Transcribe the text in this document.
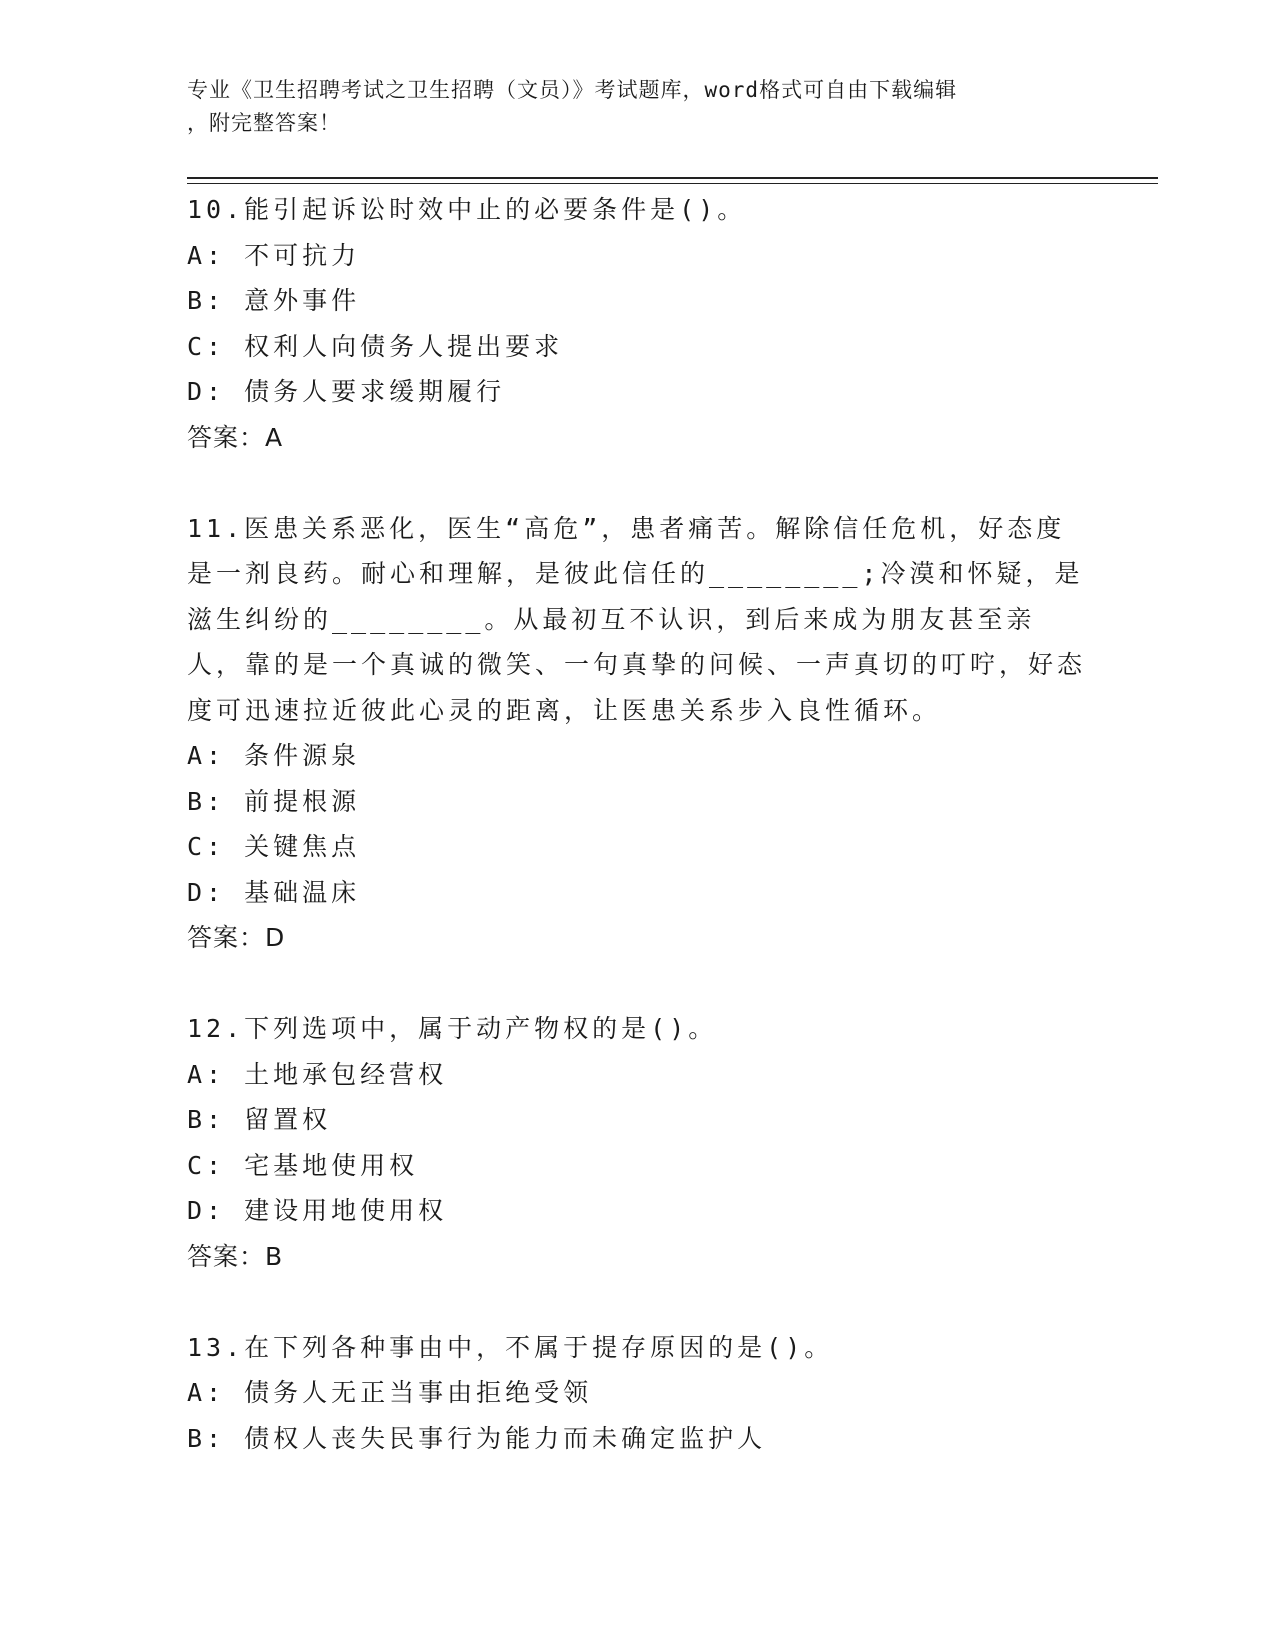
专业《卫生招聘考试之卫生招聘（文员）》考试题库，word格式可自由下载编辑
，附完整答案！

10.能引起诉讼时效中止的必要条件是()。

A: 不可抗力

B: 意外事件

C: 权利人向债务人提出要求

D: 债务人要求缓期履行

答案：A

11.医患关系恶化，医生“高危”，患者痛苦。解除信任危机，好态度是一剂良药。耐心和理解，是彼此信任的________;冷漠和怀疑，是滋生纠纷的________。从最初互不认识，到后来成为朋友甚至亲人，靠的是一个真诚的微笑、一句真挚的问候、一声真切的叮咛，好态度可迅速拉近彼此心灵的距离，让医患关系步入良性循环。

A: 条件源泉

B: 前提根源

C: 关键焦点

D: 基础温床

答案：D

12.下列选项中，属于动产物权的是()。

A: 土地承包经营权

B: 留置权

C: 宅基地使用权

D: 建设用地使用权

答案：B

13.在下列各种事由中，不属于提存原因的是()。

A: 债务人无正当事由拒绝受领

B: 债权人丧失民事行为能力而未确定监护人
